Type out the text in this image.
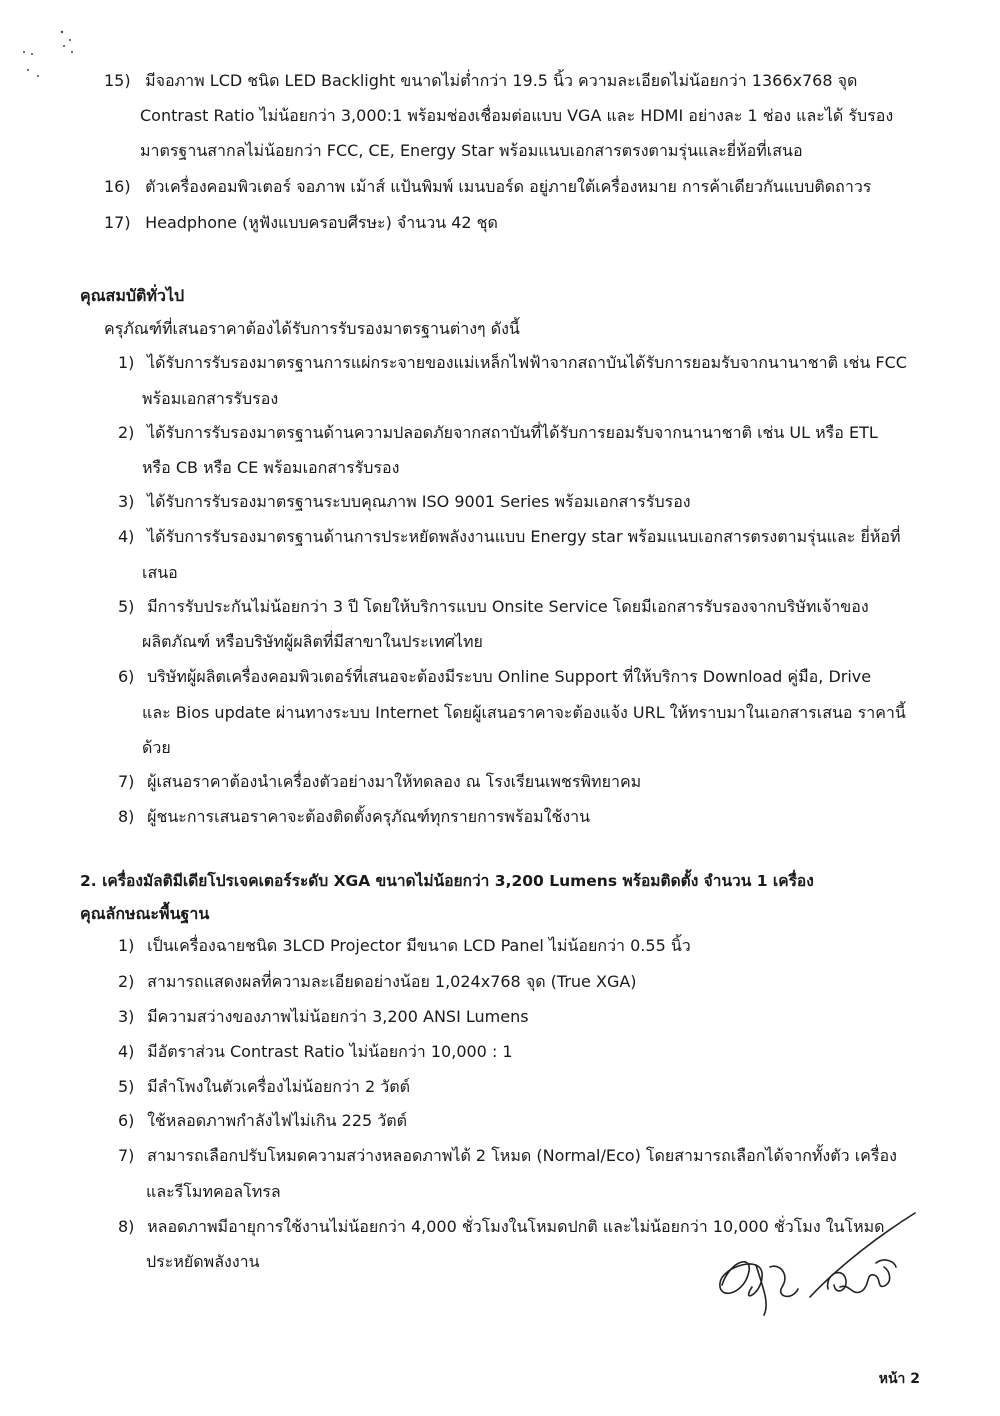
15) มีจอภาพ LCD ชนิด LED Backlight ขนาดไม่ต่ำกว่า 19.5 นิ้ว ความละเอียดไม่น้อยกว่า 1366x768 จุด
Contrast Ratio ไม่น้อยกว่า 3,000:1 พร้อมช่องเชื่อมต่อแบบ VGA และ HDMI อย่างละ 1 ช่อง และได้ รับรอง
มาตรฐานสากลไม่น้อยกว่า FCC, CE, Energy Star พร้อมแนบเอกสารตรงตามรุ่นและยี่ห้อที่เสนอ
16) ตัวเครื่องคอมพิวเตอร์ จอภาพ เม้าส์ แป้นพิมพ์ เมนบอร์ด อยู่ภายใต้เครื่องหมาย การค้าเดียวกันแบบติดถาวร
17) Headphone (หูฟังแบบครอบศีรษะ) จำนวน 42 ชุด
คุณสมบัติทั่วไป
ครุภัณฑ์ที่เสนอราคาต้องได้รับการรับรองมาตรฐานต่างๆ ดังนี้
1) ได้รับการรับรองมาตรฐานการแผ่กระจายของแม่เหล็กไฟฟ้าจากสถาบันได้รับการยอมรับจากนานาชาติ เช่น FCC
พร้อมเอกสารรับรอง
2) ได้รับการรับรองมาตรฐานด้านความปลอดภัยจากสถาบันที่ได้รับการยอมรับจากนานาชาติ เช่น UL หรือ ETL
หรือ CB หรือ CE พร้อมเอกสารรับรอง
3) ได้รับการรับรองมาตรฐานระบบคุณภาพ ISO 9001 Series พร้อมเอกสารรับรอง
4) ได้รับการรับรองมาตรฐานด้านการประหยัดพลังงานแบบ Energy star พร้อมแนบเอกสารตรงตามรุ่นและ ยี่ห้อที่
เสนอ
5) มีการรับประกันไม่น้อยกว่า 3 ปี โดยให้บริการแบบ Onsite Service โดยมีเอกสารรับรองจากบริษัทเจ้าของ
ผลิตภัณฑ์ หรือบริษัทผู้ผลิตที่มีสาขาในประเทศไทย
6) บริษัทผู้ผลิตเครื่องคอมพิวเตอร์ที่เสนอจะต้องมีระบบ Online Support ที่ให้บริการ Download คู่มือ, Drive
และ Bios update ผ่านทางระบบ Internet โดยผู้เสนอราคาจะต้องแจ้ง URL ให้ทราบมาในเอกสารเสนอ ราคานี้
ด้วย
7) ผู้เสนอราคาต้องนำเครื่องตัวอย่างมาให้ทดลอง ณ โรงเรียนเพชรพิทยาคม
8) ผู้ชนะการเสนอราคาจะต้องติดตั้งครุภัณฑ์ทุกรายการพร้อมใช้งาน
2. เครื่องมัลติมีเดียโปรเจคเตอร์ระดับ XGA ขนาดไม่น้อยกว่า 3,200 Lumens พร้อมติดตั้ง จำนวน 1 เครื่อง
คุณลักษณะพื้นฐาน
1) เป็นเครื่องฉายชนิด 3LCD Projector มีขนาด LCD Panel ไม่น้อยกว่า 0.55 นิ้ว
2) สามารถแสดงผลที่ความละเอียดอย่างน้อย 1,024x768 จุด (True XGA)
3) มีความสว่างของภาพไม่น้อยกว่า 3,200 ANSI Lumens
4) มีอัตราส่วน Contrast Ratio ไม่น้อยกว่า 10,000 : 1
5) มีลำโพงในตัวเครื่องไม่น้อยกว่า 2 วัตต์
6) ใช้หลอดภาพกำลังไฟไม่เกิน 225 วัตต์
7) สามารถเลือกปรับโหมดความสว่างหลอดภาพได้ 2 โหมด (Normal/Eco) โดยสามารถเลือกได้จากทั้งตัว เครื่อง
และรีโมทคอลโทรล
8) หลอดภาพมีอายุการใช้งานไม่น้อยกว่า 4,000 ชั่วโมงในโหมดปกติ และไม่น้อยกว่า 10,000 ชั่วโมง ในโหมด
ประหยัดพลังงาน
หน้า 2
